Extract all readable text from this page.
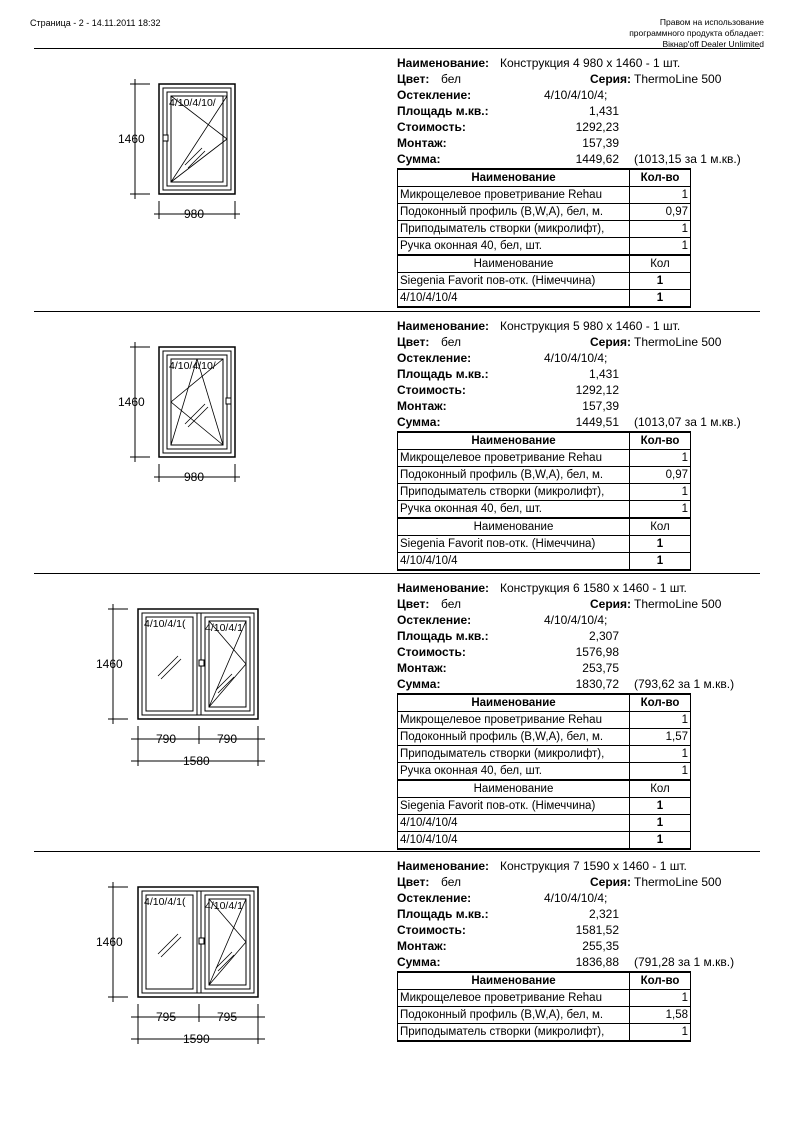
Страница - 2 - 14.11.2011 18:32	Правом на использование
программного продукта обладает:
Вікнар'off Dealer Unlimited
1460
980
4/10/4/10/
Наименование: Конструкция 4 980 x 1460 - 1 шт.
Цвет: бел	Серия: ThermoLine 500
Остекление:	4/10/4/10/4;
Площадь м.кв.:	1,431
Стоимость:	1292,23
Монтаж:	157,39
Сумма:	1449,62 (1013,15 за 1 м.кв.)
Наименование	Кол-во
Микрощелевое проветривание Rehau	1
Подоконный профиль (B,W,A), бел, м.	0,97
Приподыматель створки (микролифт),	1
Ручка оконная 40, бел, шт.	1
Наименование	Кол
Siegenia Favorit пов-отк. (Німеччина)	1
4/10/4/10/4	1
1460
980
4/10/4/10/
Наименование: Конструкция 5 980 x 1460 - 1 шт.
Цвет: бел	Серия: ThermoLine 500
Остекление:	4/10/4/10/4;
Площадь м.кв.:	1,431
Стоимость:	1292,12
Монтаж:	157,39
Сумма:	1449,51 (1013,07 за 1 м.кв.)
Наименование	Кол-во
Микрощелевое проветривание Rehau	1
Подоконный профиль (B,W,A), бел, м.	0,97
Приподыматель створки (микролифт),	1
Ручка оконная 40, бел, шт.	1
Наименование	Кол
Siegenia Favorit пов-отк. (Німеччина)	1
4/10/4/10/4	1
1460
790	790
1580
4/10/4/1( 4/10/4/1
Наименование: Конструкция 6 1580 x 1460 - 1 шт.
Цвет: бел	Серия: ThermoLine 500
Остекление:	4/10/4/10/4;
Площадь м.кв.:	2,307
Стоимость:	1576,98
Монтаж:	253,75
Сумма:	1830,72 (793,62 за 1 м.кв.)
Наименование	Кол-во
Микрощелевое проветривание Rehau	1
Подоконный профиль (B,W,A), бел, м.	1,57
Приподыматель створки (микролифт),	1
Ручка оконная 40, бел, шт.	1
Наименование	Кол
Siegenia Favorit пов-отк. (Німеччина)	1
4/10/4/10/4	1
4/10/4/10/4	1
1460
795	795
1590
4/10/4/1( 4/10/4/1
Наименование: Конструкция 7 1590 x 1460 - 1 шт.
Цвет: бел	Серия: ThermoLine 500
Остекление:	4/10/4/10/4;
Площадь м.кв.:	2,321
Стоимость:	1581,52
Монтаж:	255,35
Сумма:	1836,88 (791,28 за 1 м.кв.)
Наименование	Кол-во
Микрощелевое проветривание Rehau	1
Подоконный профиль (B,W,A), бел, м.	1,58
Приподыматель створки (микролифт),	1
